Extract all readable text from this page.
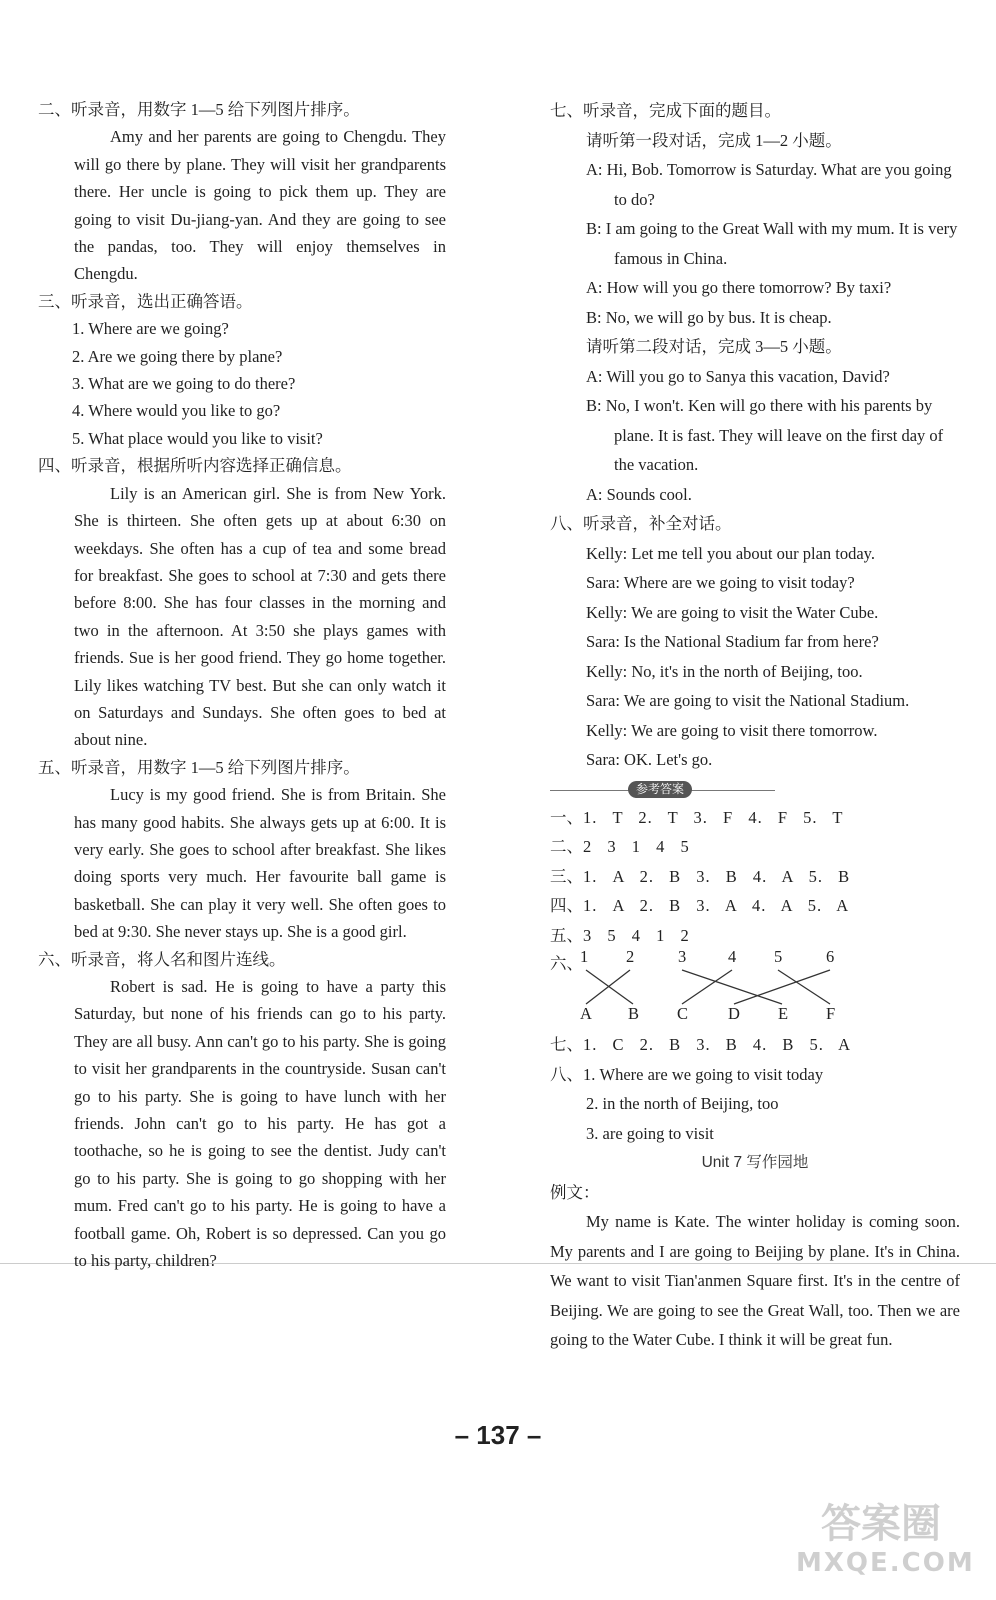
二、听录音，用数字 1—5 给下列图片排序。

Amy and her parents are going to Chengdu. They will go there by plane. They will visit her grandparents there. Her uncle is going to pick them up. They are going to visit Du-jiang-yan. And they are going to see the pandas, too. They will enjoy themselves in Chengdu.

三、听录音，选出正确答语。

1. Where are we going?

2. Are we going there by plane?

3. What are we going to do there?

4. Where would you like to go?

5. What place would you like to visit?

四、听录音，根据所听内容选择正确信息。

Lily is an American girl. She is from New York. She is thirteen. She often gets up at about 6:30 on weekdays. She often has a cup of tea and some bread for breakfast. She goes to school at 7:30 and gets there before 8:00. She has four classes in the morning and two in the afternoon. At 3:50 she plays games with friends. Sue is her good friend. They go home together. Lily likes watching TV best. But she can only watch it on Saturdays and Sundays. She often goes to bed at about nine.

五、听录音，用数字 1—5 给下列图片排序。

Lucy is my good friend. She is from Britain. She has many good habits. She always gets up at 6:00. It is very early. She goes to school after breakfast. She likes doing sports very much. Her favourite ball game is basketball. She can play it very well. She often goes to bed at 9:30. She never stays up. She is a good girl.

六、听录音，将人名和图片连线。

Robert is sad. He is going to have a party this Saturday, but none of his friends can go to his party. They are all busy. Ann can't go to his party. She is going to visit her grandparents in the countryside. Susan can't go to his party. She is going to have lunch with her friends. John can't go to his party. He has got a toothache, so he is going to see the dentist. Judy can't go to his party. She is going to go shopping with her mum. Fred can't go to his party. He is going to have a football game. Oh, Robert is so depressed. Can you go to his party, children?

七、听录音，完成下面的题目。

请听第一段对话，完成 1—2 小题。

A: Hi, Bob. Tomorrow is Saturday. What are you going to do?

B: I am going to the Great Wall with my mum. It is very famous in China.

A: How will you go there tomorrow? By taxi?

B: No, we will go by bus. It is cheap.

请听第二段对话，完成 3—5 小题。

A: Will you go to Sanya this vacation, David?

B: No, I won't. Ken will go there with his parents by plane. It is fast. They will leave on the first day of the vacation.

A: Sounds cool.

八、听录音，补全对话。

Kelly: Let me tell you about our plan today.

Sara: Where are we going to visit today?

Kelly: We are going to visit the Water Cube.

Sara: Is the National Stadium far from here?

Kelly: No, it's in the north of Beijing, too.

Sara: We are going to visit the National Stadium.

Kelly: We are going to visit there tomorrow.

Sara: OK. Let's go.

参考答案

一、1. T 2. T 3. F 4. F 5. T

二、2 3 1 4 5

三、1. A 2. B 3. B 4. A 5. B

四、1. A 2. B 3. A 4. A 5. A

五、3 5 4 1 2

六、
1 2	3	4 5	6
A B C D E F

七、1. C 2. B 3. B 4. B 5. A

八、1. Where are we going to visit today

2. in the north of Beijing, too

3. are going to visit

Unit 7 写作园地

例文：

My name is Kate. The winter holiday is coming soon. My parents and I are going to Beijing by plane. It's in China. We want to visit Tian'anmen Square first. It's in the centre of Beijing. We are going to see the Great Wall, too. Then we are going to the Water Cube. I think it will be great fun.

– 137 –
答案圈
MXQE.COM
